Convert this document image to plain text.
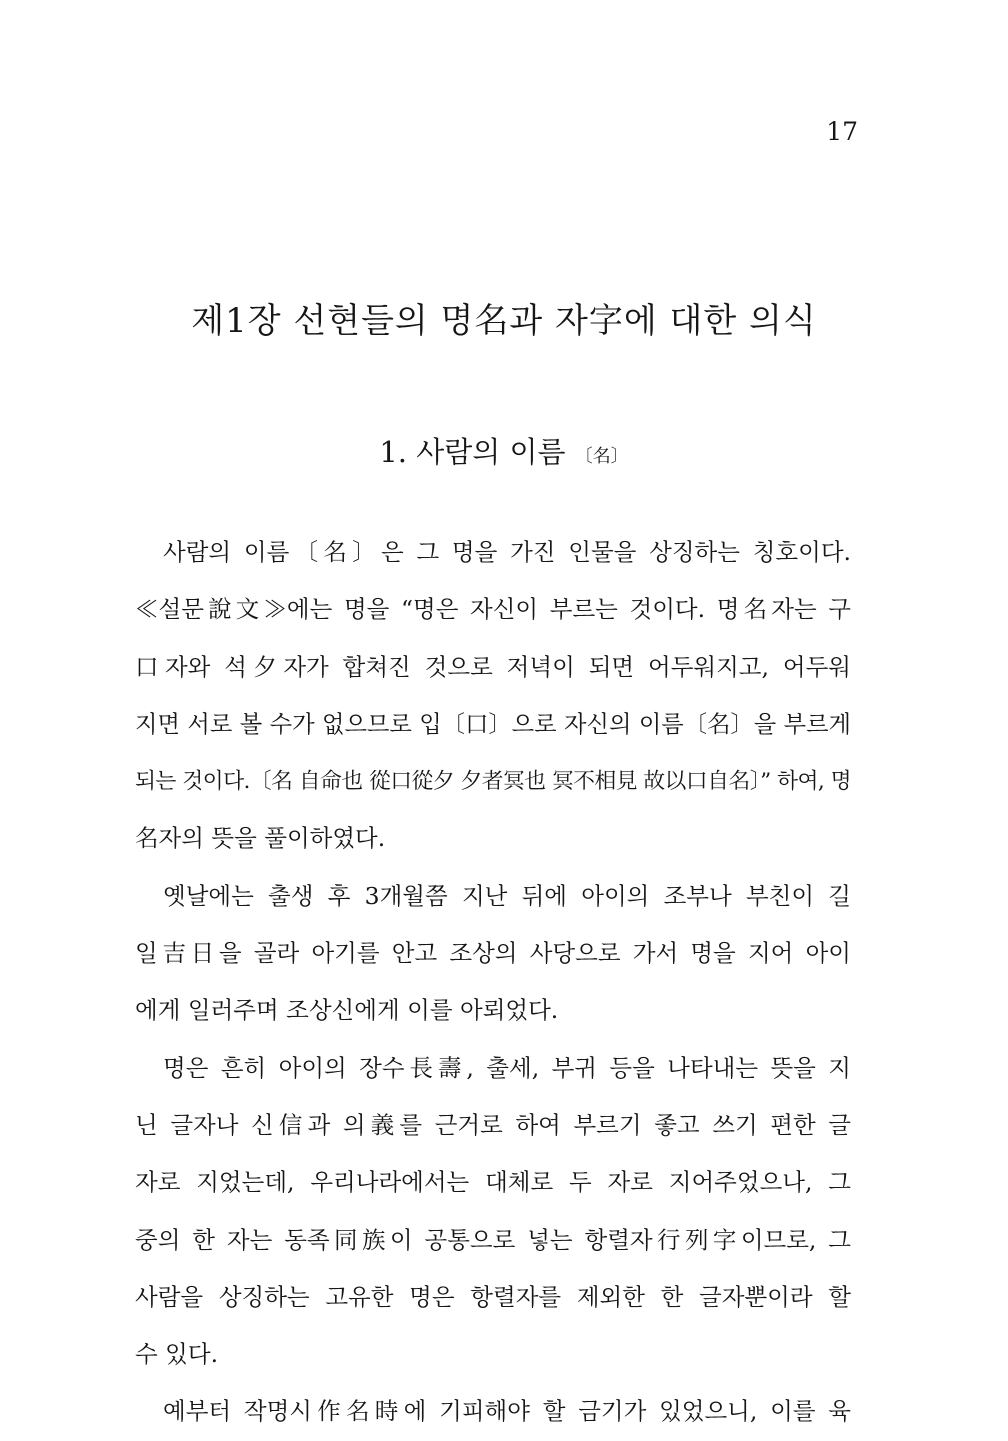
17
제1장 선현들의 명名과 자字에 대한 의식
1. 사람의 이름 〔名〕
사람의 이름〔名〕은 그 명을 가진 인물을 상징하는 칭호이다.
≪설문說文≫에는 명을 “명은 자신이 부르는 것이다. 명名자는 구
口자와 석夕자가 합쳐진 것으로 저녁이 되면 어두워지고, 어두워
지면 서로 볼 수가 없으므로 입〔口〕으로 자신의 이름〔名〕을 부르게
되는 것이다.〔名 自命也 從口從夕 夕者冥也 冥不相見 故以口自名〕” 하여, 명
名자의 뜻을 풀이하였다.
옛날에는 출생 후 3개월쯤 지난 뒤에 아이의 조부나 부친이 길
일吉日을 골라 아기를 안고 조상의 사당으로 가서 명을 지어 아이
에게 일러주며 조상신에게 이를 아뢰었다.
명은 흔히 아이의 장수長壽, 출세, 부귀 등을 나타내는 뜻을 지
닌 글자나 신信과 의義를 근거로 하여 부르기 좋고 쓰기 편한 글
자로 지었는데, 우리나라에서는 대체로 두 자로 지어주었으나, 그
중의 한 자는 동족同族이 공통으로 넣는 항렬자行列字이므로, 그
사람을 상징하는 고유한 명은 항렬자를 제외한 한 글자뿐이라 할
수 있다.
예부터 작명시作名時에 기피해야 할 금기가 있었으니, 이를 육
